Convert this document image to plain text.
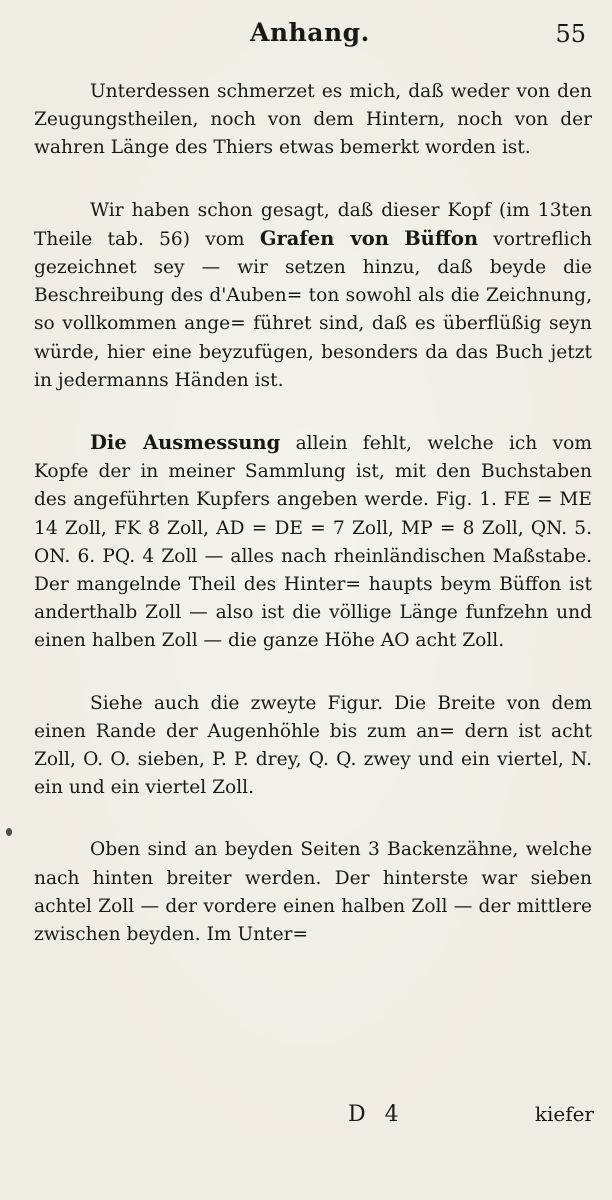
Anhang.	55

Unterdessen schmerzet es mich, daß weder von den Zeugungstheilen, noch von dem Hintern, noch von der wahren Länge des Thiers etwas bemerkt worden ist.

Wir haben schon gesagt, daß dieser Kopf (im 13ten Theile tab. 56) vom Grafen von Büffon vortreflich gezeichnet sey — wir setzen hinzu, daß beyde die Beschreibung des d'Auben= ton sowohl als die Zeichnung, so vollkommen ange= führet sind, daß es überflüßig seyn würde, hier eine beyzufügen, besonders da das Buch jetzt in jedermanns Händen ist.

Die Ausmessung allein fehlt, welche ich vom Kopfe der in meiner Sammlung ist, mit den Buchstaben des angeführten Kupfers angeben werde. Fig. 1. FE = ME 14 Zoll, FK 8 Zoll, AD = DE = 7 Zoll, MP = 8 Zoll, QN. 5. ON. 6. PQ. 4 Zoll — alles nach rheinländischen Maßstabe. Der mangelnde Theil des Hinter= haupts beym Büffon ist anderthalb Zoll — also ist die völlige Länge funfzehn und einen halben Zoll — die ganze Höhe AO acht Zoll.

Siehe auch die zweyte Figur. Die Breite von dem einen Rande der Augenhöhle bis zum an= dern ist acht Zoll, O. O. sieben, P. P. drey, Q. Q. zwey und ein viertel, N. ein und ein viertel Zoll.

Oben sind an beyden Seiten 3 Backenzähne, welche nach hinten breiter werden. Der hinterste war sieben achtel Zoll — der vordere einen halben Zoll — der mittlere zwischen beyden. Im Unter=

D 4	kiefer
